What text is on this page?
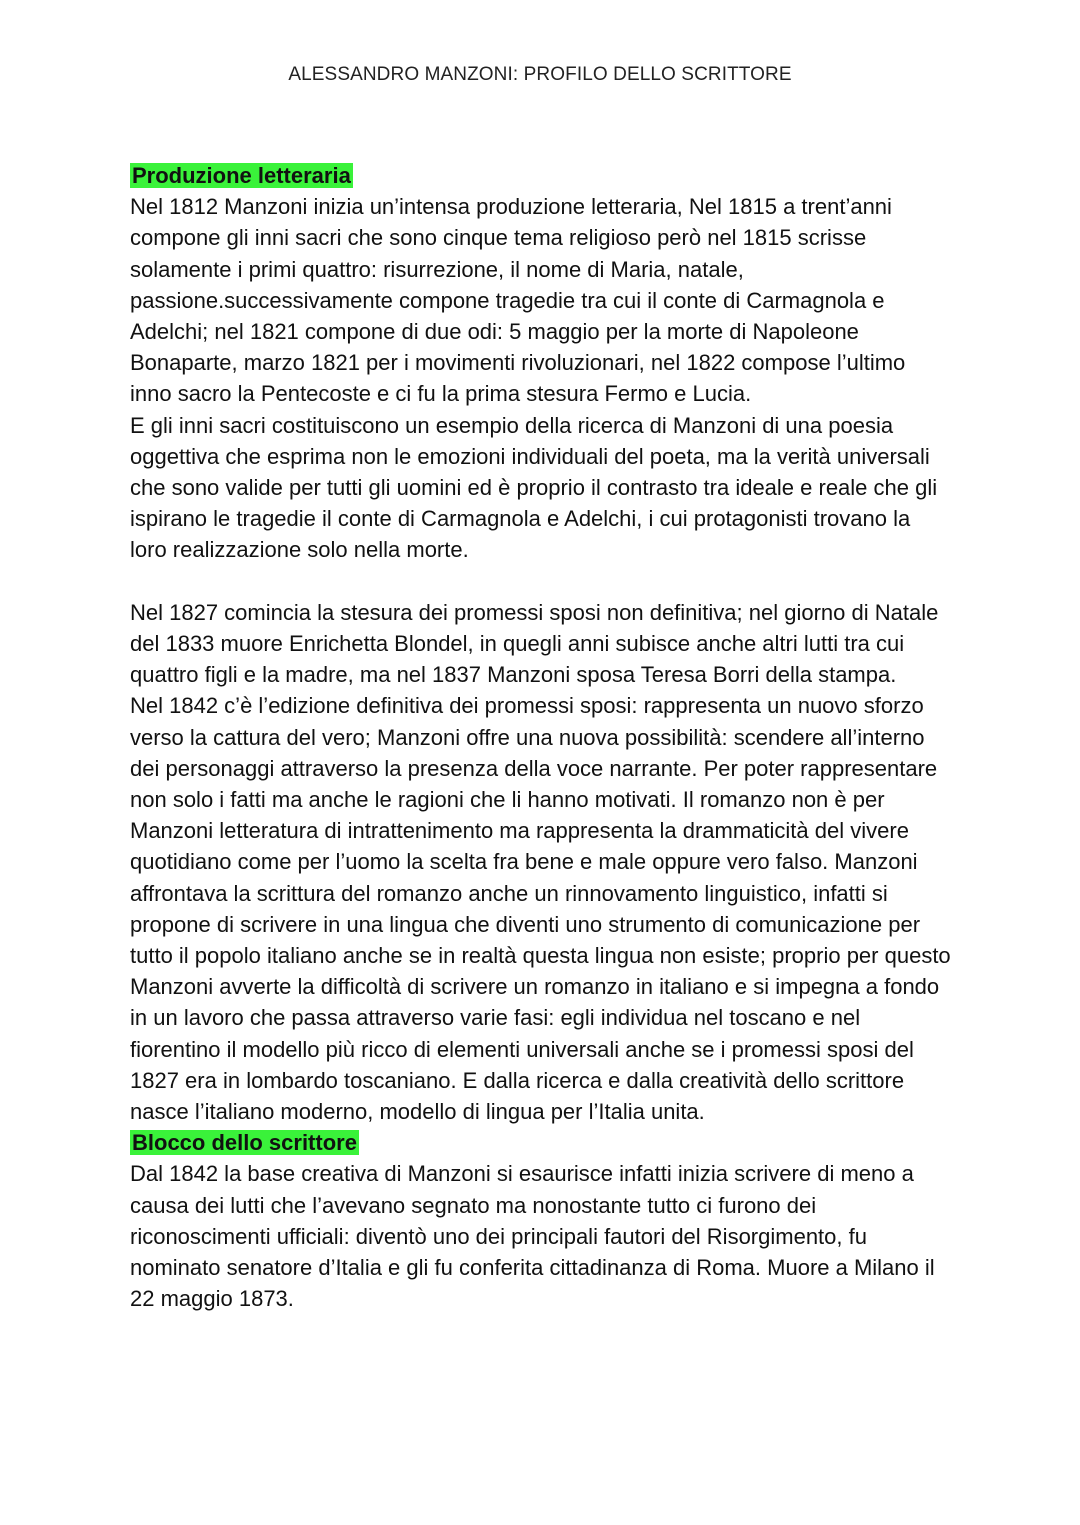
ALESSANDRO MANZONI: PROFILO DELLO SCRITTORE
Produzione letteraria

Nel 1812 Manzoni inizia un’intensa produzione letteraria, Nel 1815 a trent’anni compone gli inni sacri che sono cinque tema religioso però nel 1815 scrisse solamente i primi quattro: risurrezione, il nome di Maria, natale, passione.successivamente compone tragedie tra cui il conte di Carmagnola e Adelchi; nel 1821 compone di due odi: 5 maggio per la morte di Napoleone Bonaparte, marzo 1821 per i movimenti rivoluzionari, nel 1822 compose l’ultimo inno sacro la Pentecoste e ci fu la prima stesura Fermo e Lucia.

E gli inni sacri costituiscono un esempio della ricerca di Manzoni di una poesia oggettiva che esprima non le emozioni individuali del poeta, ma la verità universali che sono valide per tutti gli uomini ed è proprio il contrasto tra ideale e reale che gli ispirano le tragedie il conte di Carmagnola e Adelchi, i cui protagonisti trovano la loro realizzazione solo nella morte.

Nel 1827 comincia la stesura dei promessi sposi non definitiva; nel giorno di Natale del 1833 muore Enrichetta Blondel, in quegli anni subisce anche altri lutti tra cui quattro figli e la madre, ma nel 1837 Manzoni sposa Teresa Borri della stampa.

Nel 1842 c’è l’edizione definitiva dei promessi sposi: rappresenta un nuovo sforzo verso la cattura del vero; Manzoni offre una nuova possibilità: scendere all’interno dei personaggi attraverso la presenza della voce narrante. Per poter rappresentare non solo i fatti ma anche le ragioni che li hanno motivati. Il romanzo non è per Manzoni letteratura di intrattenimento ma rappresenta la drammaticità del vivere quotidiano come per l’uomo la scelta fra bene e male oppure vero falso. Manzoni affrontava la scrittura del romanzo anche un rinnovamento linguistico, infatti si propone di scrivere in una lingua che diventi uno strumento di comunicazione per tutto il popolo italiano anche se in realtà questa lingua non esiste; proprio per questo Manzoni avverte la difficoltà di scrivere un romanzo in italiano e si impegna a fondo in un lavoro che passa attraverso varie fasi: egli individua nel toscano e nel fiorentino il modello più ricco di elementi universali anche se i promessi sposi del 1827 era in lombardo toscaniano. E dalla ricerca e dalla creatività dello scrittore nasce l’italiano moderno, modello di lingua per l’Italia unita.

Blocco dello scrittore

Dal 1842 la base creativa di Manzoni si esaurisce infatti inizia scrivere di meno a causa dei lutti che l’avevano segnato ma nonostante tutto ci furono dei riconoscimenti ufficiali: diventò uno dei principali fautori del Risorgimento, fu nominato senatore d’Italia e gli fu conferita cittadinanza di Roma. Muore a Milano il 22 maggio 1873.
